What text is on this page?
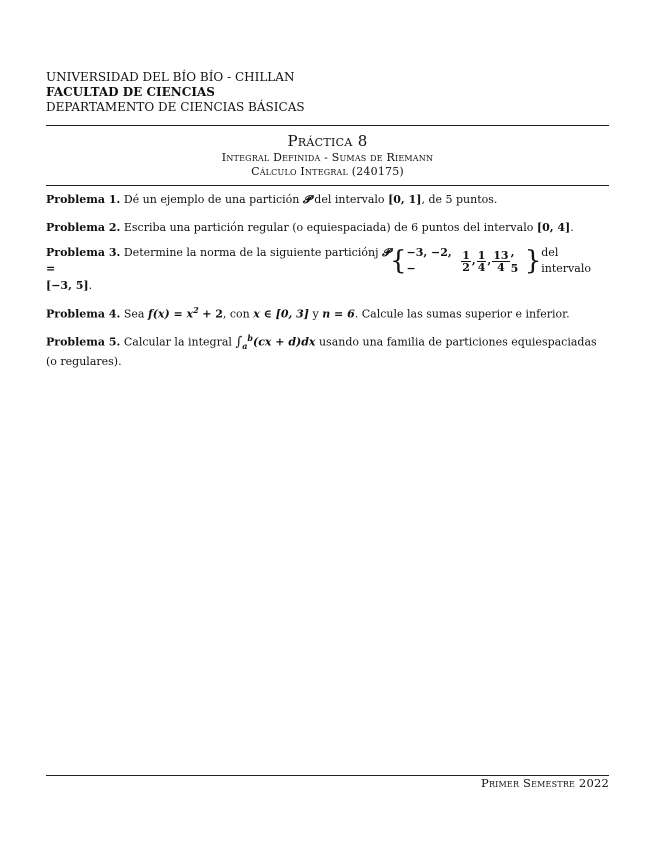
UNIVERSIDAD DEL BÍO BÍO - CHILLAN
FACULTAD DE CIENCIAS
DEPARTAMENTO DE CIENCIAS BÁSICAS
Práctica 8
Integral Definida - Sumas de Riemann
Cálculo Integral (240175)

Problema 1. Dé un ejemplo de una partición 𝓟 del intervalo [0, 1], de 5 puntos.

Problema 2. Escriba una partición regular (o equiespaciada) de 6 puntos del intervalo [0, 4].

Problema 3. Determine la norma de la siguiente particiónj 𝓟 =	{ −3, −2, −	$\frac{1}{2}$ , $\frac{1}{4}$ , $\frac{13}{4}$ , 5 } del intervalo
[−3, 5].

Problema 4. Sea $f(x) = x^2 + 2$, con x ∈ [0, 3] y n = 6. Calcule las sumas superior e inferior.

Problema 5. Calcular la integral $\int_a^b(cx + d)dx$ usando una familia de particiones equiespaciadas (o regulares).

Primer Semestre 2022
